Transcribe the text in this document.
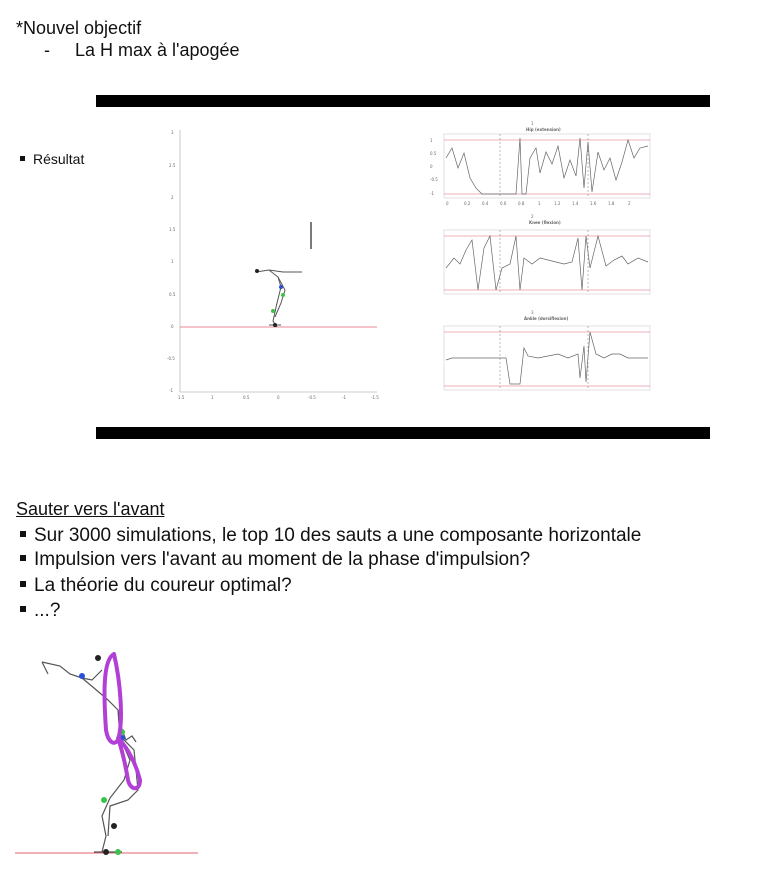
*Nouvel objectif
- La H max à l'apogée
Résultat
3
2.5
2
1.5
1
0.5
0
-0.5
-1
1.5	1	0.5	0	-0.5	-1	-1.5
1
Hip (extension)
1
0.5
0
-0.5
-1
0	0.2	0.4	0.6	0.8	1	1.2	1.4	1.6	1.8	2
2
Knee (flexion)
3
Ankle (dorsiflexion)
Sauter vers l'avant
Sur 3000 simulations, le top 10 des sauts a une composante horizontale
Impulsion vers l'avant au moment de la phase d'impulsion?
La théorie du coureur optimal?
...?
